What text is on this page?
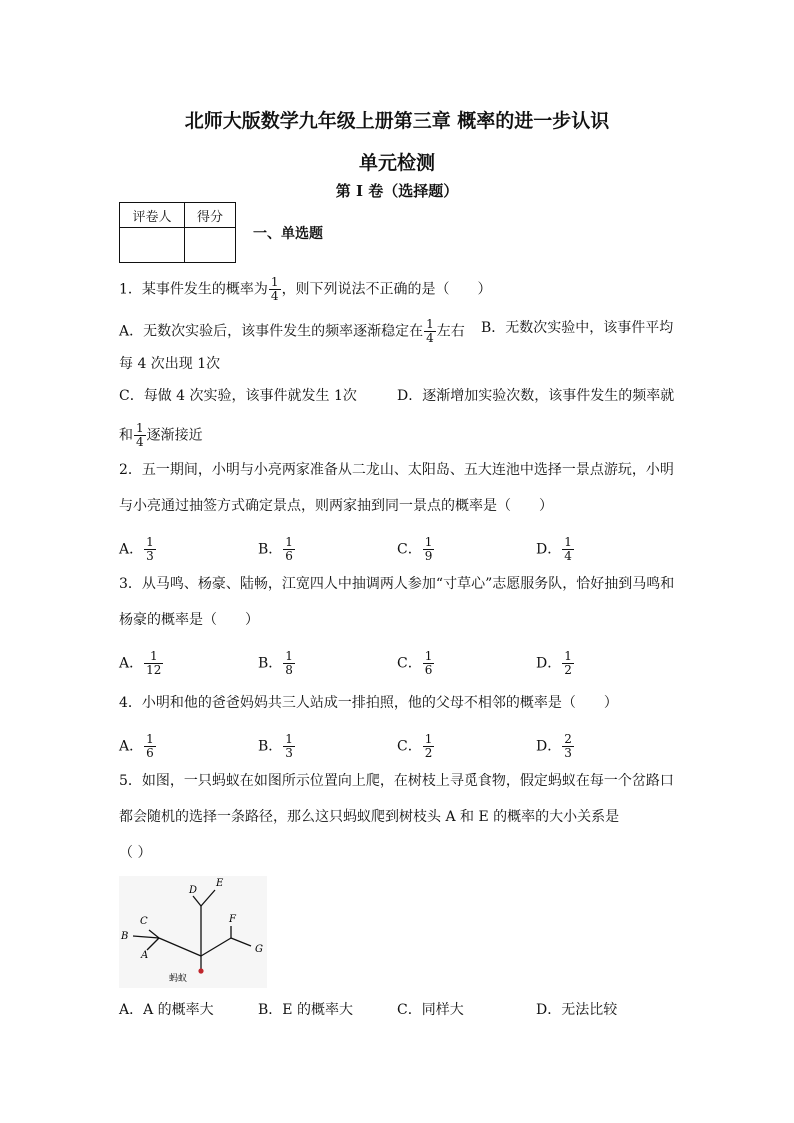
北师大版数学九年级上册第三章 概率的进一步认识
单元检测
第 I 卷（选择题）
评卷人	得分

一、单选题
1．某事件发生的概率为 $\frac{1}{4}$ ，则下列说法不正确的是（　　）
A．无数次实验后，该事件发生的频率逐渐稳定在 $\frac{1}{4}$ 左右 B．无数次实验中，该事件平均
每 4 次出现 1次
C．每做 4 次实验，该事件就发生 1次	D．逐渐增加实验次数，该事件发生的频率就
和 $\frac{1}{4}$ 逐渐接近
2．五一期间，小明与小亮两家准备从二龙山、太阳岛、五大连池中选择一景点游玩，小明
与小亮通过抽签方式确定景点，则两家抽到同一景点的概率是（　　）
A． $\frac{1}{3}$	B． $\frac{1}{6}$	C． $\frac{1}{9}$	D． $\frac{1}{4}$
3．从马鸣、杨豪、陆畅，江宽四人中抽调两人参加“寸草心”志愿服务队，恰好抽到马鸣和
杨豪的概率是（　　）
A． $\frac{1}{12}$	B． $\frac{1}{8}$	C． $\frac{1}{6}$	D． $\frac{1}{2}$
4．小明和他的爸爸妈妈共三人站成一排拍照，他的父母不相邻的概率是（　　）
A． $\frac{1}{6}$	B． $\frac{1}{3}$	C． $\frac{1}{2}$	D． $\frac{2}{3}$
5．如图，一只蚂蚁在如图所示位置向上爬，在树枝上寻觅食物，假定蚂蚁在每一个岔路口
都会随机的选择一条路径，那么这只蚂蚁爬到树枝头 A 和 E 的概率的大小关系是
（ ）
A
B
C
D
E
F
G
蚂蚁
A．A 的概率大	B．E 的概率大	C．同样大	D．无法比较
